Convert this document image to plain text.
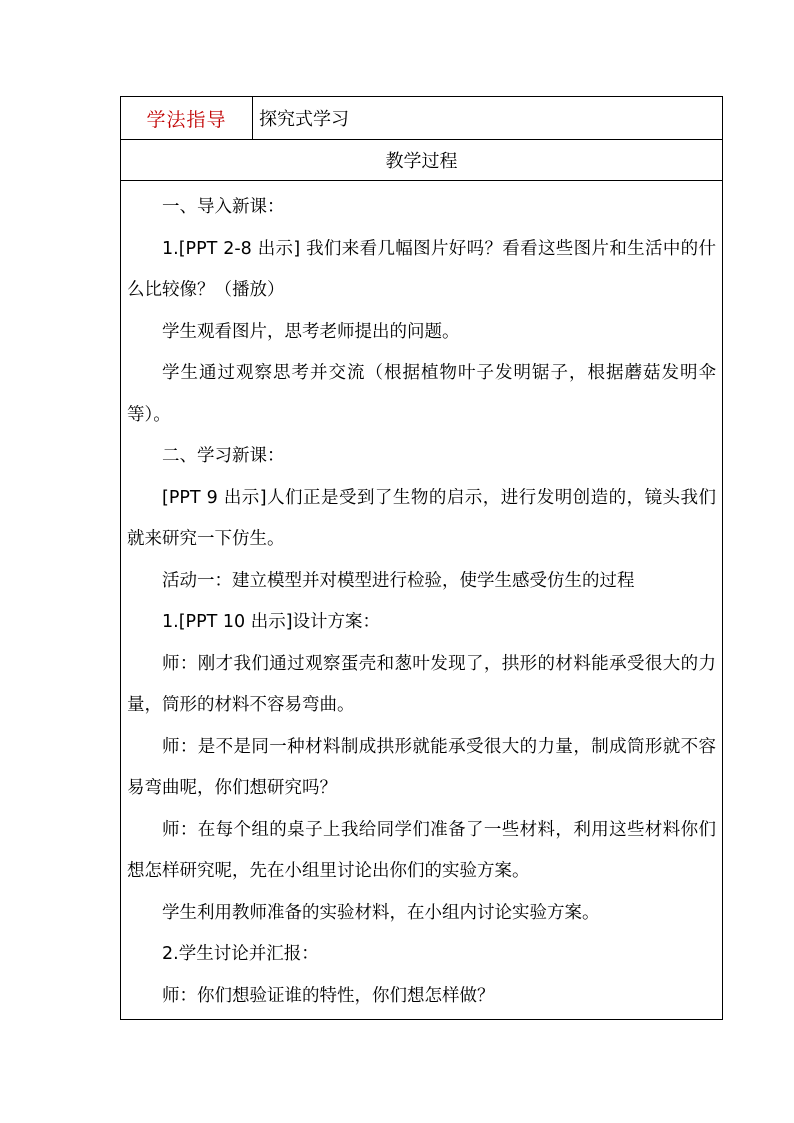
学法指导	探究式学习
教学过程

一、导入新课：

1.[PPT 2-8 出示] 我们来看几幅图片好吗？看看这些图片和生活中的什么比较像？（播放）

学生观看图片，思考老师提出的问题。

学生通过观察思考并交流（根据植物叶子发明锯子，根据蘑菇发明伞等）。

二、学习新课：

[PPT 9 出示]人们正是受到了生物的启示，进行发明创造的，镜头我们就来研究一下仿生。

活动一：建立模型并对模型进行检验，使学生感受仿生的过程

1.[PPT 10 出示]设计方案：

师：刚才我们通过观察蛋壳和葱叶发现了，拱形的材料能承受很大的力量，筒形的材料不容易弯曲。

师：是不是同一种材料制成拱形就能承受很大的力量，制成筒形就不容易弯曲呢，你们想研究吗？

师：在每个组的桌子上我给同学们准备了一些材料，利用这些材料你们想怎样研究呢，先在小组里讨论出你们的实验方案。

学生利用教师准备的实验材料，在小组内讨论实验方案。

2.学生讨论并汇报：

师：你们想验证谁的特性，你们想怎样做？
